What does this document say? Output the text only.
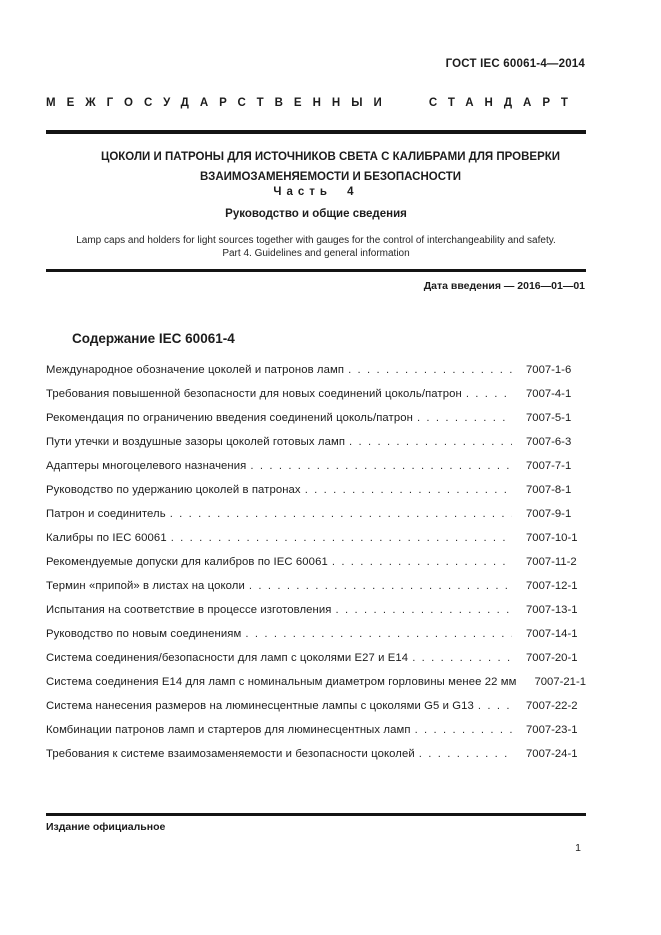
ГОСТ IEC 60061-4—2014
МЕЖГОСУДАРСТВЕННЫЙ СТАНДАРТ
ЦОКОЛИ И ПАТРОНЫ ДЛЯ ИСТОЧНИКОВ СВЕТА С КАЛИБРАМИ ДЛЯ ПРОВЕРКИ ВЗАИМОЗАМЕНЯЕМОСТИ И БЕЗОПАСНОСТИ
Часть 4
Руководство и общие сведения
Lamp caps and holders for light sources together with gauges for the control of interchangeability and safety.
Part 4. Guidelines and general information
Дата введения — 2016—01—01
Содержание IEC 60061-4
Международное обозначение цоколей и патронов ламп . . .	7007-1-6
Требования повышенной безопасности для новых соединений цоколь/патрон . . .	7007-4-1
Рекомендация по ограничению введения соединений цоколь/патрон . . .	7007-5-1
Пути утечки и воздушные зазоры цоколей готовых ламп . . .	7007-6-3
Адаптеры многоцелевого назначения . . .	7007-7-1
Руководство по удержанию цоколей в патронах . . .	7007-8-1
Патрон и соединитель . . .	7007-9-1
Калибры по IEC 60061 . . .	7007-10-1
Рекомендуемые допуски для калибров по IEC 60061 . . .	7007-11-2
Термин «припой» в листах на цоколи . . .	7007-12-1
Испытания на соответствие в процессе изготовления . . .	7007-13-1
Руководство по новым соединениям . . .	7007-14-1
Система соединения/безопасности для ламп с цоколями Е27 и Е14 . . .	7007-20-1
Система соединения Е14 для ламп с номинальным диаметром горловины менее 22 мм 7007-21-1
Система нанесения размеров на люминесцентные лампы с цоколями G5 и G13 . . .	7007-22-2
Комбинации патронов ламп и стартеров для люминесцентных ламп . . .	7007-23-1
Требования к системе взаимозаменяемости и безопасности цоколей . . .	7007-24-1
Издание официальное
1
